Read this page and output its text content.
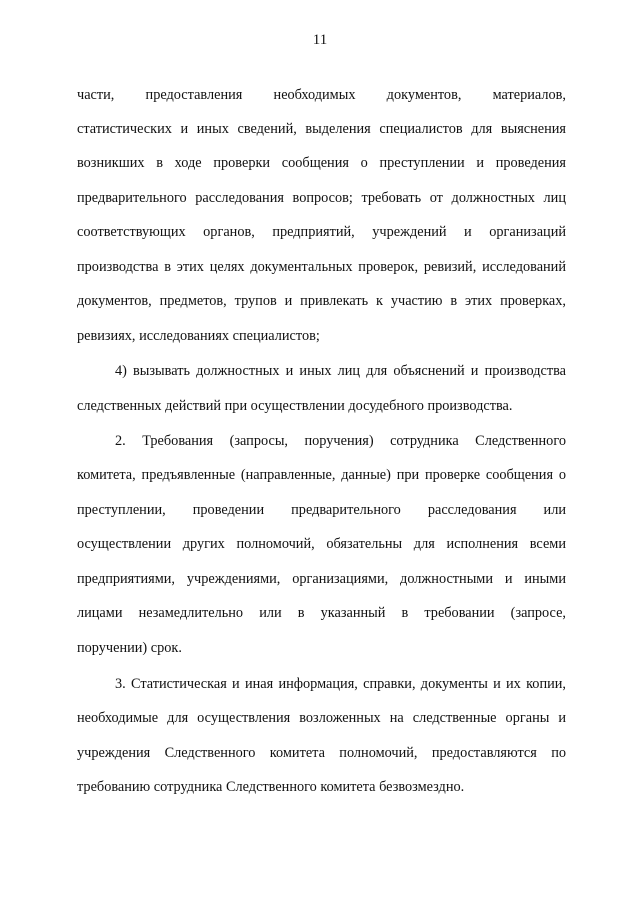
11
части, предоставления необходимых документов, материалов,
статистических и иных сведений, выделения специалистов для выяснения
возникших в ходе проверки сообщения о преступлении и проведения
предварительного расследования вопросов; требовать от должностных лиц
соответствующих органов, предприятий, учреждений и организаций
производства в этих целях документальных проверок, ревизий, исследований
документов, предметов, трупов и привлекать к участию в этих проверках,
ревизиях, исследованиях специалистов;
4) вызывать должностных и иных лиц для объяснений и производства
следственных действий при осуществлении досудебного производства.
2. Требования (запросы, поручения) сотрудника Следственного
комитета, предъявленные (направленные, данные) при проверке сообщения о
преступлении, проведении предварительного расследования или
осуществлении других полномочий, обязательны для исполнения всеми
предприятиями, учреждениями, организациями, должностными и иными
лицами незамедлительно или в указанный в требовании (запросе,
поручении) срок.
3. Статистическая и иная информация, справки, документы и их копии,
необходимые для осуществления возложенных на следственные органы и
учреждения Следственного комитета полномочий, предоставляются по
требованию сотрудника Следственного комитета безвозмездно.
